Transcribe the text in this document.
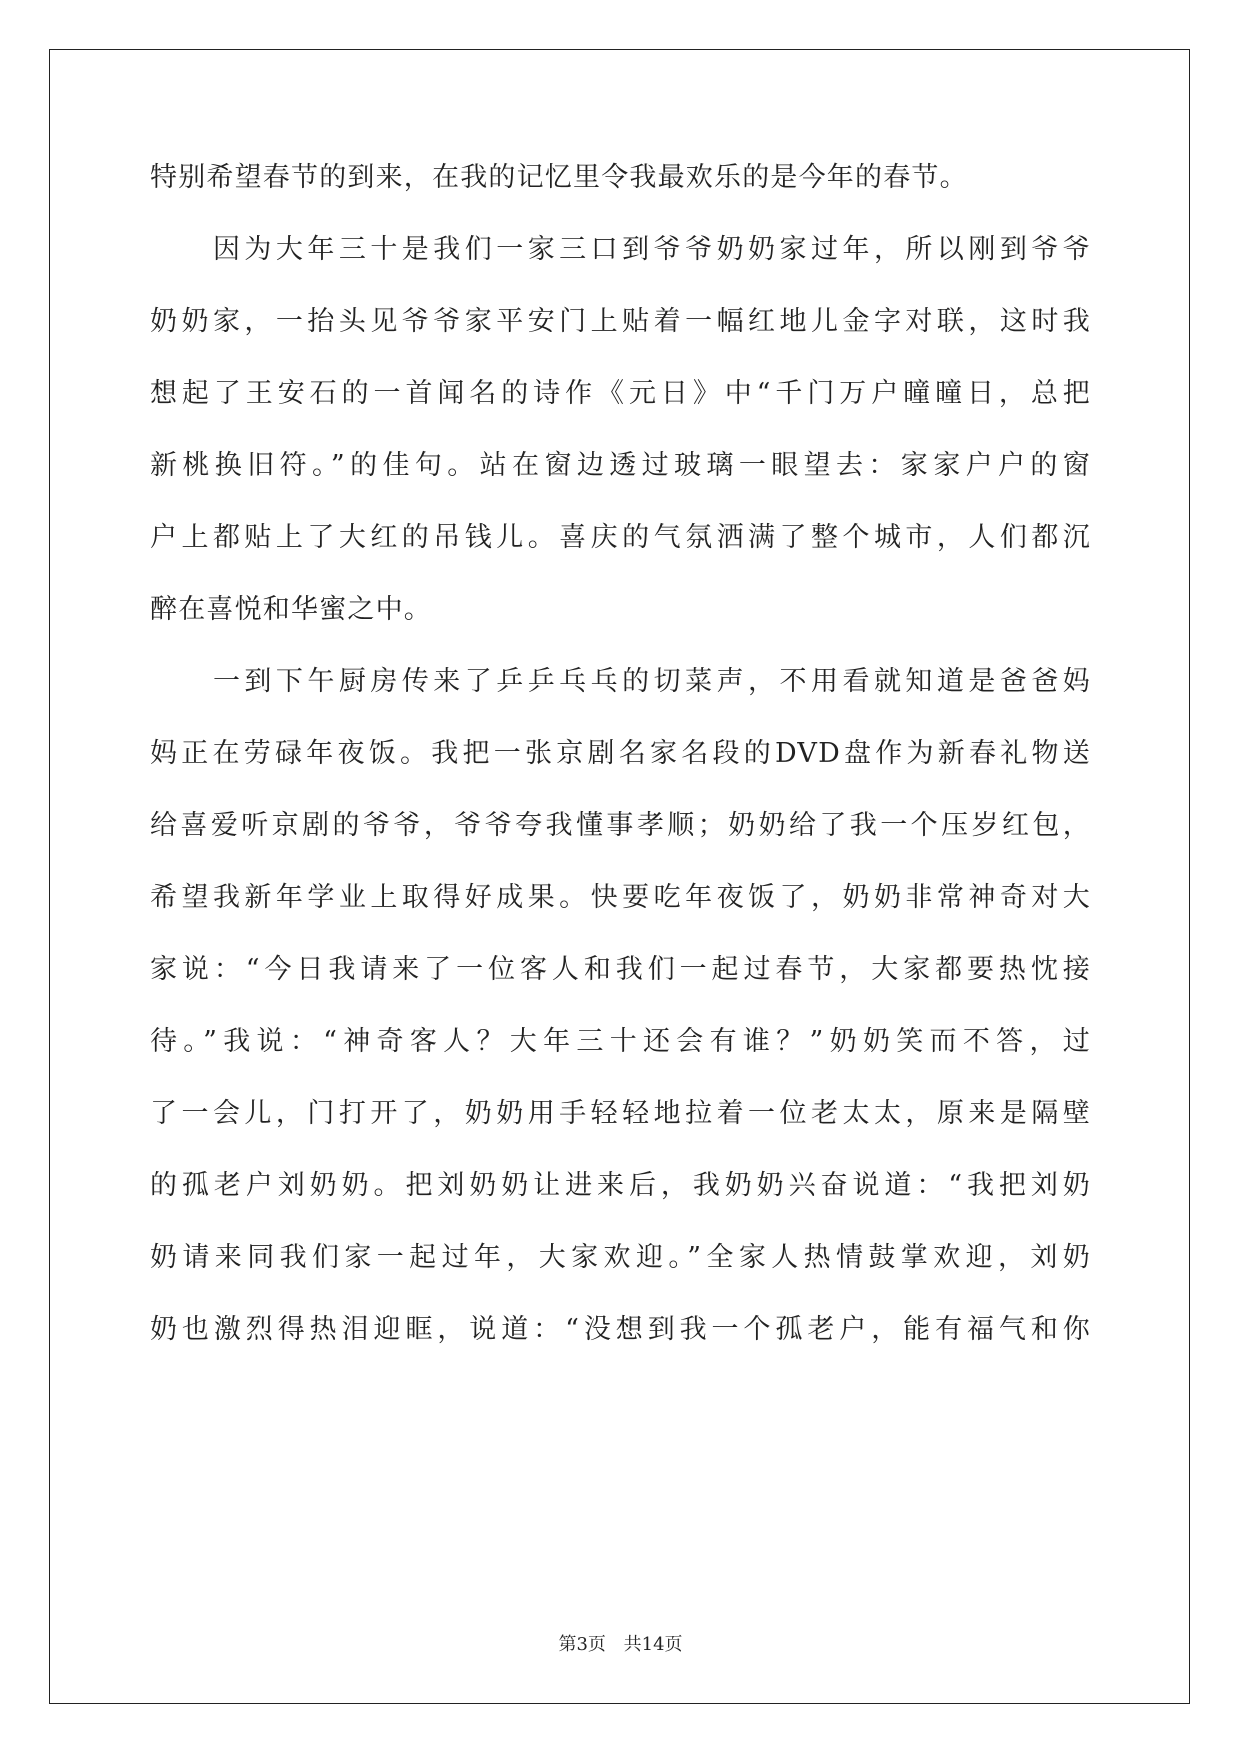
特别希望春节的到来，在我的记忆里令我最欢乐的是今年的春节。
　　因为大年三十是我们一家三口到爷爷奶奶家过年，所以刚到爷爷
奶奶家，一抬头见爷爷家平安门上贴着一幅红地儿金字对联，这时我
想起了王安石的一首闻名的诗作《元日》中“千门万户曈曈日，总把
新桃换旧符。”的佳句。站在窗边透过玻璃一眼望去：家家户户的窗
户上都贴上了大红的吊钱儿。喜庆的气氛洒满了整个城市，人们都沉
醉在喜悦和华蜜之中。
　　一到下午厨房传来了乒乒乓乓的切菜声，不用看就知道是爸爸妈
妈正在劳碌年夜饭。我把一张京剧名家名段的DVD盘作为新春礼物送
给喜爱听京剧的爷爷，爷爷夸我懂事孝顺；奶奶给了我一个压岁红包，
希望我新年学业上取得好成果。快要吃年夜饭了，奶奶非常神奇对大
家说：“今日我请来了一位客人和我们一起过春节，大家都要热忱接
待。”我说：“神奇客人？大年三十还会有谁？”奶奶笑而不答，过
了一会儿，门打开了，奶奶用手轻轻地拉着一位老太太，原来是隔壁
的孤老户刘奶奶。把刘奶奶让进来后，我奶奶兴奋说道：“我把刘奶
奶请来同我们家一起过年，大家欢迎。”全家人热情鼓掌欢迎，刘奶
奶也激烈得热泪迎眶，说道：“没想到我一个孤老户，能有福气和你
第3页 共14页
